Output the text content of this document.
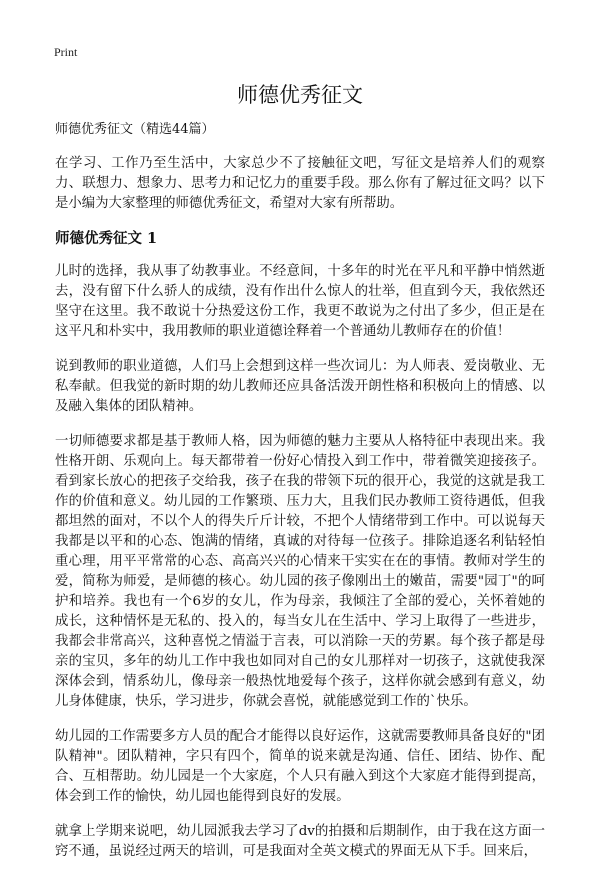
Print
师德优秀征文

师德优秀征文（精选44篇）

在学习、工作乃至生活中，大家总少不了接触征文吧，写征文是培养人们的观察力、联想力、想象力、思考力和记忆力的重要手段。那么你有了解过征文吗？以下是小编为大家整理的师德优秀征文，希望对大家有所帮助。

师德优秀征文 1

儿时的选择，我从事了幼教事业。不经意间，十多年的时光在平凡和平静中悄然逝去，没有留下什么骄人的成绩，没有作出什么惊人的壮举，但直到今天，我依然还坚守在这里。我不敢说十分热爱这份工作，我更不敢说为之付出了多少，但正是在这平凡和朴实中，我用教师的职业道德诠释着一个普通幼儿教师存在的价值！

说到教师的职业道德，人们马上会想到这样一些次词儿：为人师表、爱岗敬业、无私奉献。但我觉的新时期的幼儿教师还应具备活泼开朗性格和积极向上的情感、以及融入集体的团队精神。

一切师德要求都是基于教师人格，因为师德的魅力主要从人格特征中表现出来。我性格开朗、乐观向上。每天都带着一份好心情投入到工作中，带着微笑迎接孩子。看到家长放心的把孩子交给我，孩子在我的带领下玩的很开心，我觉的这就是我工作的价值和意义。幼儿园的工作繁琐、压力大，且我们民办教师工资待遇低，但我都坦然的面对，不以个人的得失斤斤计较，不把个人情绪带到工作中。可以说每天我都是以平和的心态、饱满的情绪，真诚的对待每一位孩子。排除追逐名利钻轻怕重心理，用平平常常的心态、高高兴兴的心情来干实实在在的事情。教师对学生的爱，简称为师爱，是师德的核心。幼儿园的孩子像刚出土的嫩苗，需要"园丁"的呵护和培养。我也有一个6岁的女儿，作为母亲，我倾注了全部的爱心，关怀着她的成长，这种情怀是无私的、投入的，每当女儿在生活中、学习上取得了一些进步，我都会非常高兴，这种喜悦之情溢于言表，可以消除一天的劳累。每个孩子都是母亲的宝贝，多年的幼儿工作中我也如同对自己的女儿那样对一切孩子，这就使我深深体会到，情系幼儿，像母亲一般热忱地爱每个孩子，这样你就会感到有意义，幼儿身体健康，快乐，学习进步，你就会喜悦，就能感觉到工作的`快乐。

幼儿园的工作需要多方人员的配合才能得以良好运作，这就需要教师具备良好的"团队精神"。团队精神，字只有四个，简单的说来就是沟通、信任、团结、协作、配合、互相帮助。幼儿园是一个大家庭，个人只有融入到这个大家庭才能得到提高，体会到工作的愉快，幼儿园也能得到良好的发展。

就拿上学期来说吧，幼儿园派我去学习了dv的拍摄和后期制作，由于我在这方面一窍不通，虽说经过两天的培训，可是我面对全英文模式的界面无从下手。回来后，
